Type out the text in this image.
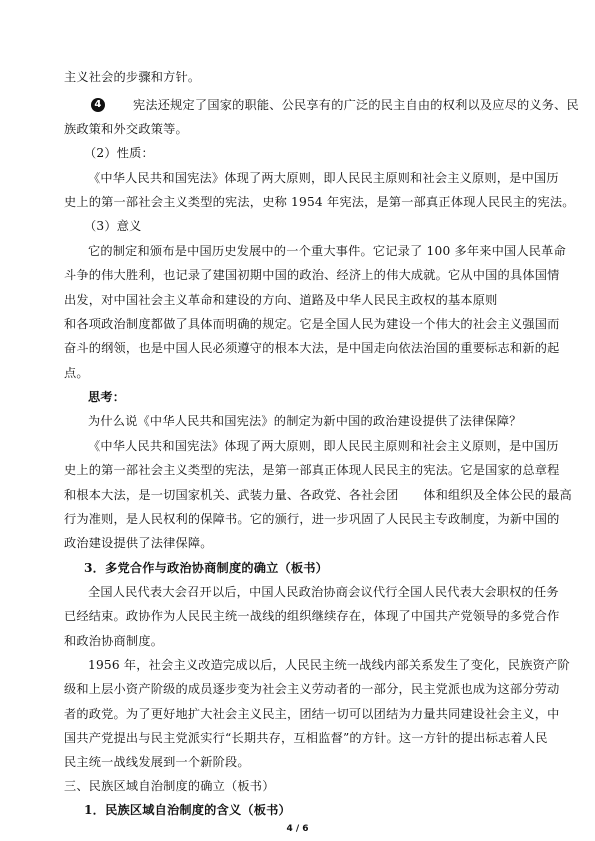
主义社会的步骤和方针。
4	宪法还规定了国家的职能、公民享有的广泛的民主自由的权利以及应尽的义务、民
族政策和外交政策等。
（2）性质：
《中华人民共和国宪法》体现了两大原则，即人民民主原则和社会主义原则，是中国历
史上的第一部社会主义类型的宪法，史称 1954 年宪法，是第一部真正体现人民民主的宪法。
（3）意义
它的制定和颁布是中国历史发展中的一个重大事件。它记录了 100 多年来中国人民革命
斗争的伟大胜利，也记录了建国初期中国的政治、经济上的伟大成就。它从中国的具体国情
出发，对中国社会主义革命和建设的方向、道路及中华人民民主政权的基本原则
和各项政治制度都做了具体而明确的规定。它是全国人民为建设一个伟大的社会主义强国而
奋斗的纲领，也是中国人民必须遵守的根本大法，是中国走向依法治国的重要标志和新的起
点。
思考：
为什么说《中华人民共和国宪法》的制定为新中国的政治建设提供了法律保障？
《中华人民共和国宪法》体现了两大原则，即人民民主原则和社会主义原则，是中国历
史上的第一部社会主义类型的宪法，是第一部真正体现人民民主的宪法。它是国家的总章程
和根本大法，是一切国家机关、武装力量、各政党、各社会团　　体和组织及全体公民的最高
行为准则，是人民权利的保障书。它的颁行，进一步巩固了人民民主专政制度，为新中国的
政治建设提供了法律保障。
3．多党合作与政治协商制度的确立（板书）
全国人民代表大会召开以后，中国人民政治协商会议代行全国人民代表大会职权的任务
已经结束。政协作为人民民主统一战线的组织继续存在，体现了中国共产党领导的多党合作
和政治协商制度。
1956 年，社会主义改造完成以后，人民民主统一战线内部关系发生了变化，民族资产阶
级和上层小资产阶级的成员逐步变为社会主义劳动者的一部分，民主党派也成为这部分劳动
者的政党。为了更好地扩大社会主义民主，团结一切可以团结为力量共同建设社会主义，中
国共产党提出与民主党派实行“长期共存，互相监督”的方针。这一方针的提出标志着人民
民主统一战线发展到一个新阶段。
三、民族区域自治制度的确立（板书）
1．民族区域自治制度的含义（板书）
4 / 6
